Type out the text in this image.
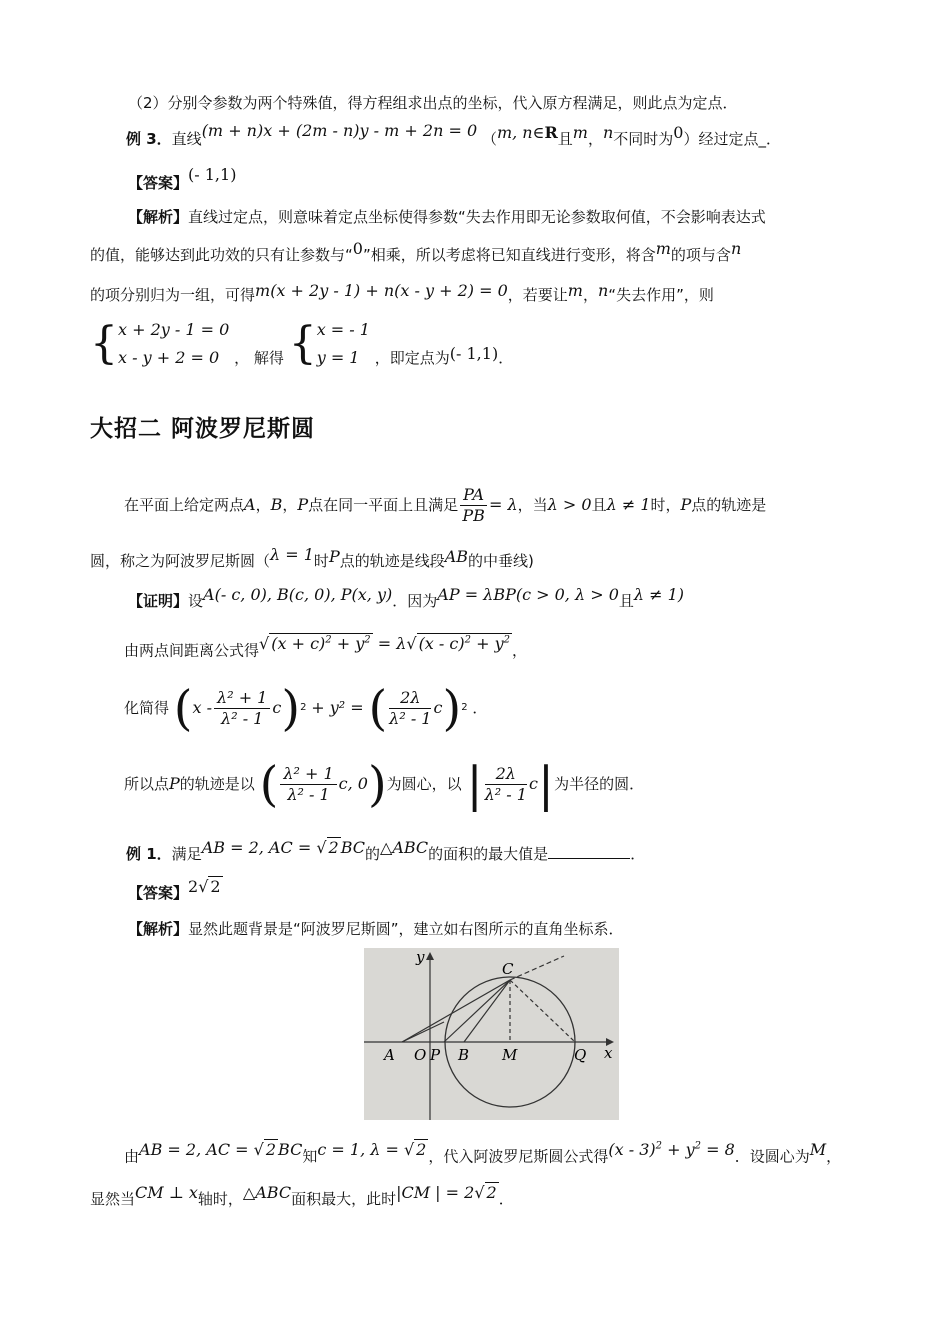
（2）分别令参数为两个特殊值，得方程组求出点的坐标，代入原方程满足，则此点为定点．
例 3．直线(m + n)x + (2m - n)y - m + 2n = 0 （m, n∈R且m，n不同时为0）经过定点_．
【答案】(- 1,1)
【解析】直线过定点，则意味着定点坐标使得参数“失去作用即无论参数取何值，不会影响表达式
的值，能够达到此功效的只有让参数与“0”相乘，所以考虑将已知直线进行变形，将含m的项与含n
的项分别归为一组，可得m(x + 2y - 1) + n(x - y + 2) = 0，若要让m，n“失去作用”，则
{ x + 2y - 1 = 0
x - y + 2 = 0 ， 解得 { x = - 1
y = 1	，即定点为(- 1,1)．
大招二 阿波罗尼斯圆
在平面上给定两点A，B，P点在同一平面上且满足 $\frac{PA}{PB} = \lambda$，当λ > 0且λ ≠ 1时，P点的轨迹是
圆，称之为阿波罗尼斯圆（λ = 1时P点的轨迹是线段AB的中垂线)
【证明】设A(- c, 0), B(c, 0), P(x, y)．因为AP = λBP(c > 0, λ > 0且λ ≠ 1)
由两点间距离公式得√ $(x + c)^2 + y^2 = \lambda√$ $(x - c)^2 + y^2$，
化简得 $(x - \frac{\text{λ² + 1}}{\text{λ² - 1}} c)^2 + y^2$ = ( $\frac{2\lambda}{\text{λ² - 1}} c)^2$ ．
所以点P的轨迹是以 ( $\frac{\text{λ² + 1}}{\text{λ² - 1}} c$, 0)为圆心，以 | $\frac{2\lambda}{\text{λ² - 1}} c|$为半径的圆．
例 1．满足AB = 2, AC = √ 2 BC的△ABC的面积的最大值是	．
【答案】2√ 2
【解析】显然此题背景是“阿波罗尼斯圆”，建立如右图所示的直角坐标系．
y
x
A O P B M	Q
C
由AB = 2, AC = √ 2 BC知c = 1, λ = √ 2 ，代入阿波罗尼斯圆公式得$(x - 3)^2 + y^2 = 8$．设圆心为M，
显然当CM ⊥ x轴时，△ABC面积最大，此时|CM | = 2√ 2 ．
